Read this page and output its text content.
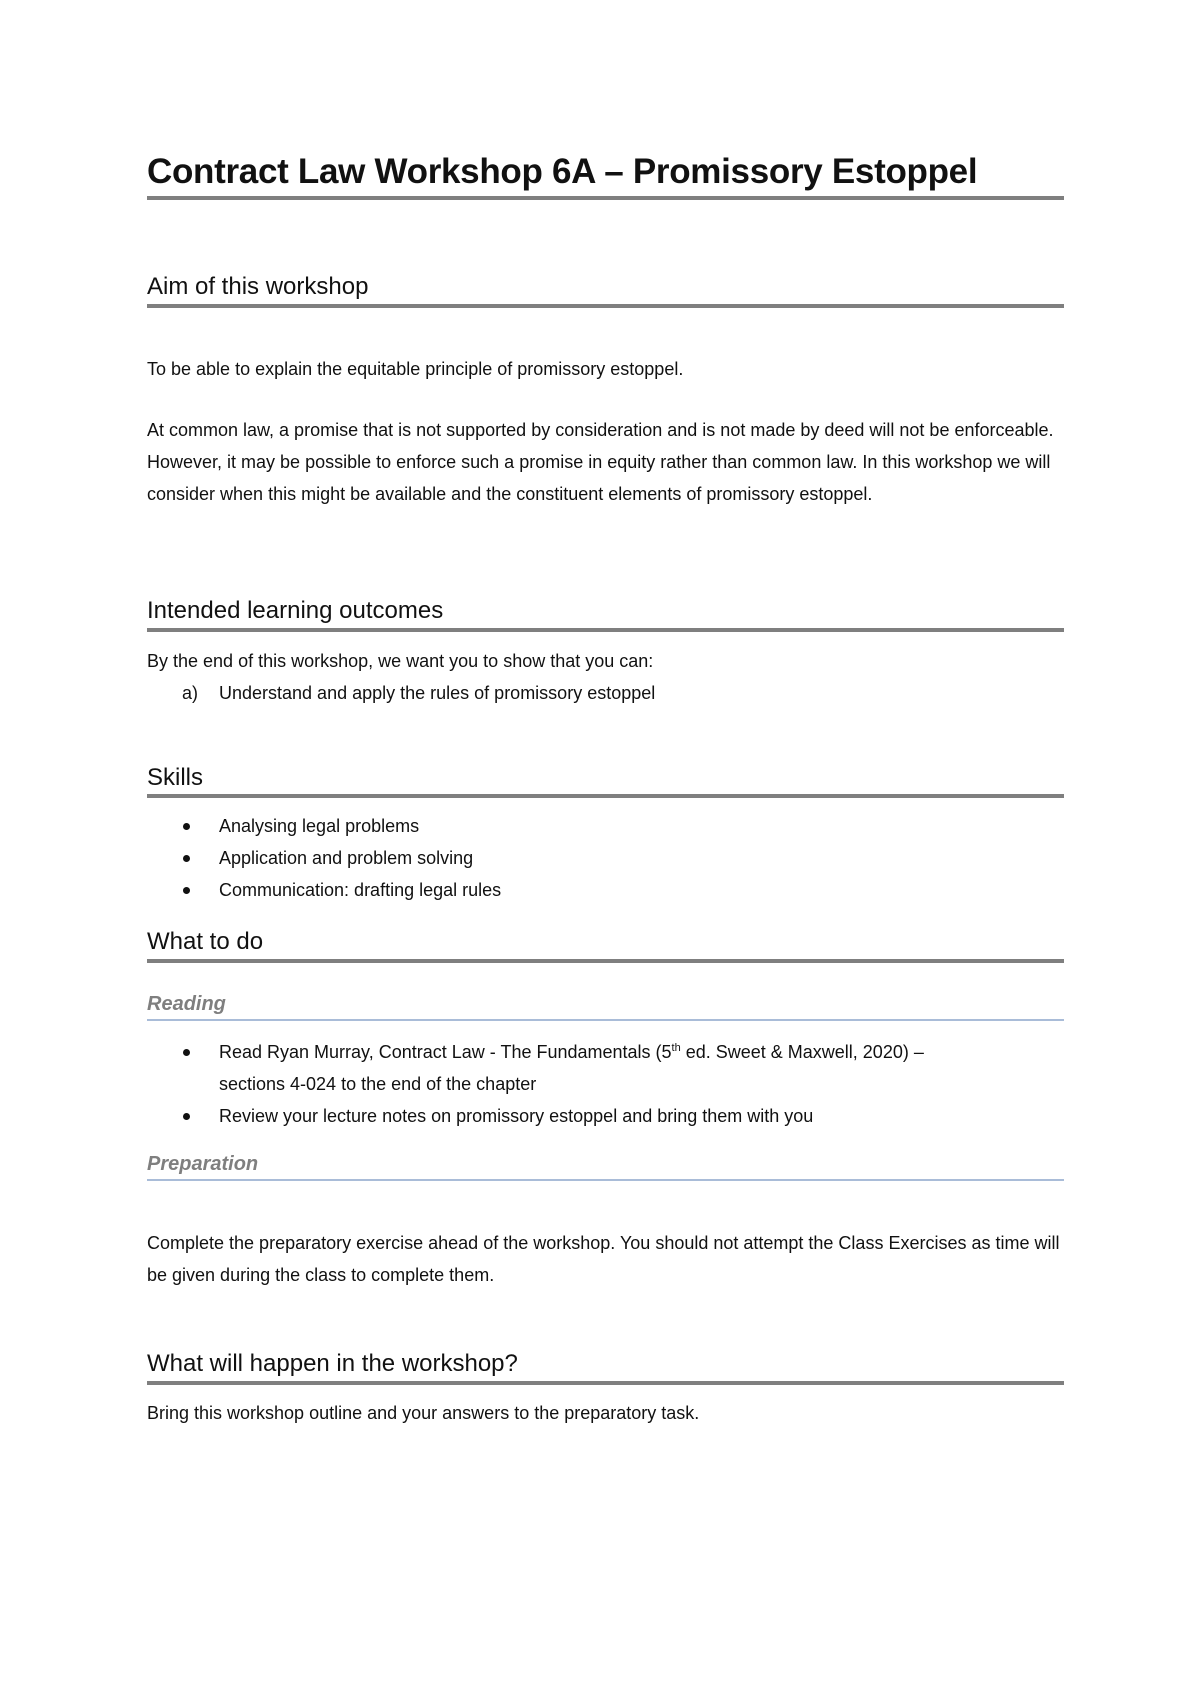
Contract Law Workshop 6A – Promissory Estoppel
Aim of this workshop

To be able to explain the equitable principle of promissory estoppel.

At common law, a promise that is not supported by consideration and is not made by deed will not be enforceable. However, it may be possible to enforce such a promise in equity rather than common law. In this workshop we will consider when this might be available and the constituent elements of promissory estoppel.

Intended learning outcomes

By the end of this workshop, we want you to show that you can:

a) Understand and apply the rules of promissory estoppel
Skills
Analysing legal problems
Application and problem solving
Communication: drafting legal rules
What to do
Reading
Read Ryan Murray, Contract Law - The Fundamentals (5th ed. Sweet & Maxwell, 2020) –
sections 4-024 to the end of the chapter
Review your lecture notes on promissory estoppel and bring them with you
Preparation

Complete the preparatory exercise ahead of the workshop. You should not attempt the Class Exercises as time will be given during the class to complete them.

What will happen in the workshop?

Bring this workshop outline and your answers to the preparatory task.
